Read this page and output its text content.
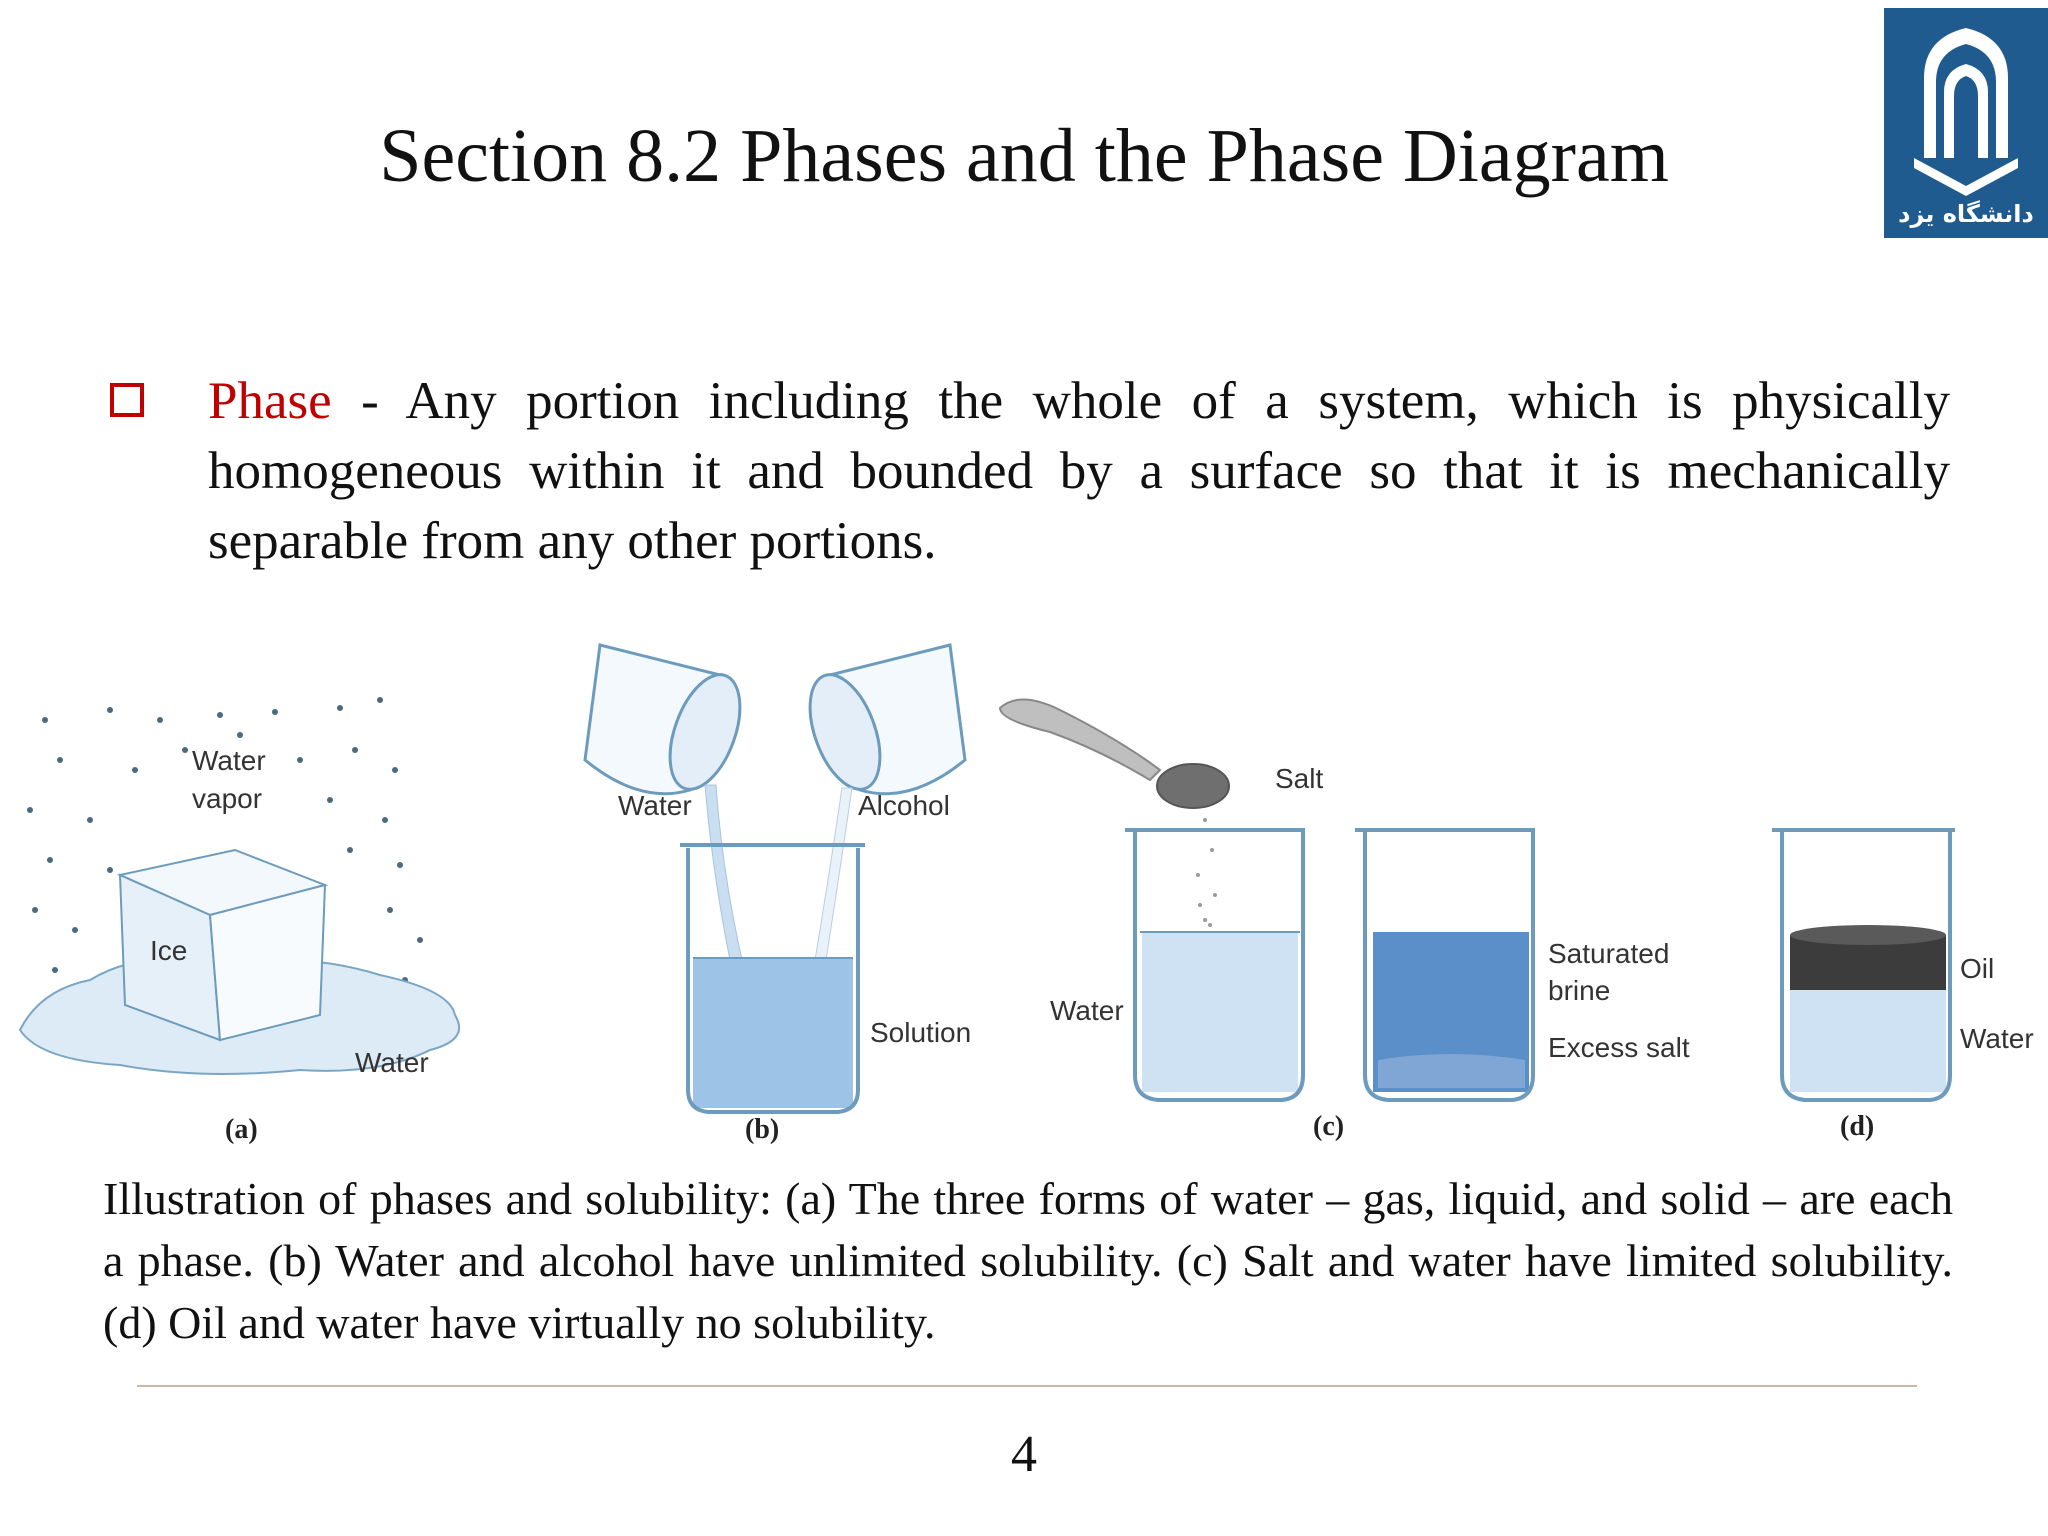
Section 8.2 Phases and the Phase Diagram
دانشگاه یزد

Phase - Any portion including the whole of a system, which is physically homogeneous within it and bounded by a surface so that it is mechanically separable from any other portions.

Water
vapor
Ice
Water
(a)
Water	Alcohol
Solution
(b)
Salt
Water
Saturated
brine
Excess salt
(c)
Oil
Water
(d)

Illustration of phases and solubility: (a) The three forms of water – gas, liquid, and solid – are each a phase. (b) Water and alcohol have unlimited solubility. (c) Salt and water have limited solubility. (d) Oil and water have virtually no solubility.

4
